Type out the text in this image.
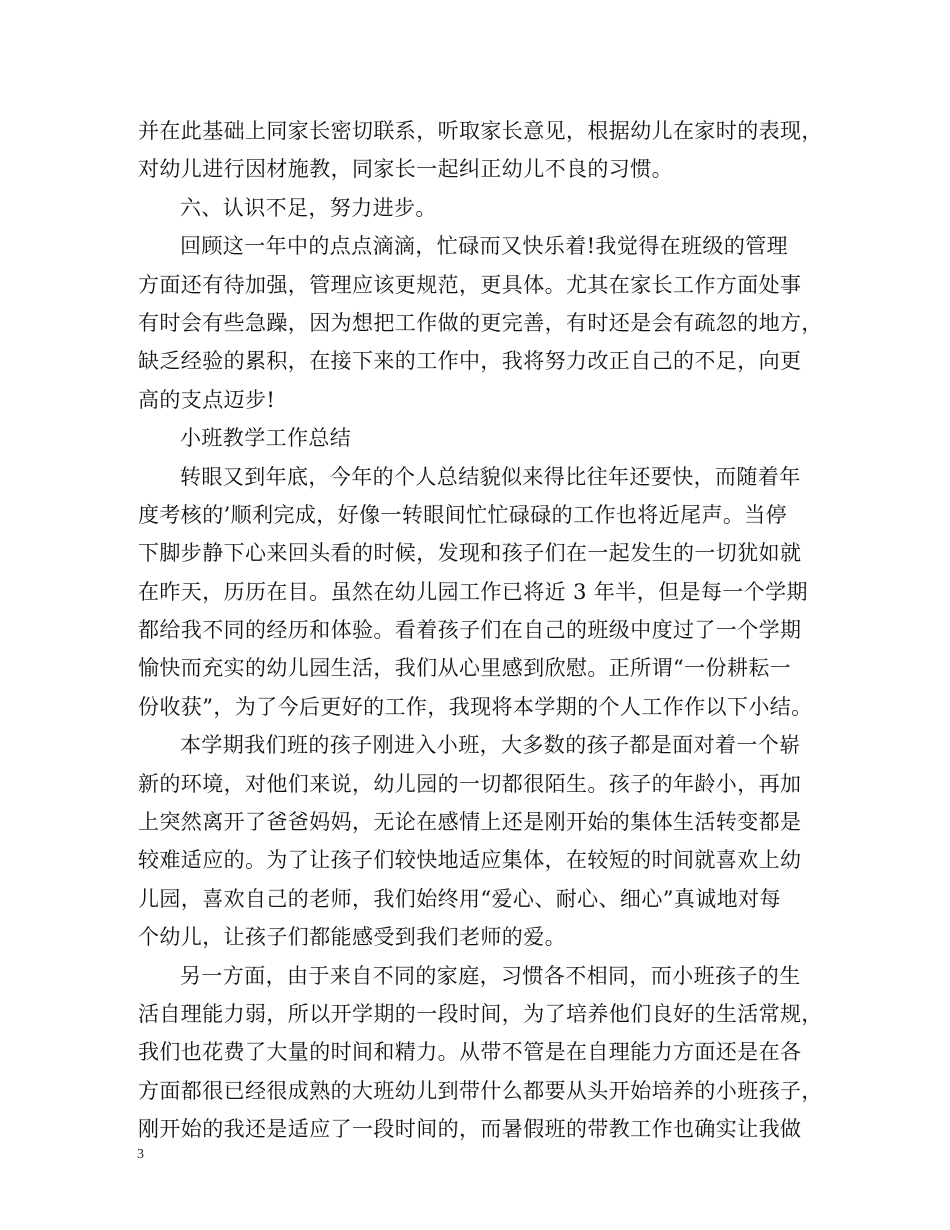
并在此基础上同家长密切联系，听取家长意见，根据幼儿在家时的表现，
对幼儿进行因材施教，同家长一起纠正幼儿不良的习惯。
六、认识不足，努力进步。
回顾这一年中的点点滴滴，忙碌而又快乐着!我觉得在班级的管理
方面还有待加强，管理应该更规范，更具体。尤其在家长工作方面处事
有时会有些急躁，因为想把工作做的更完善，有时还是会有疏忽的地方，
缺乏经验的累积，在接下来的工作中，我将努力改正自己的不足，向更
高的支点迈步!
小班教学工作总结
转眼又到年底，今年的个人总结貌似来得比往年还要快，而随着年
度考核的’顺利完成，好像一转眼间忙忙碌碌的工作也将近尾声。当停
下脚步静下心来回头看的时候，发现和孩子们在一起发生的一切犹如就
在昨天，历历在目。虽然在幼儿园工作已将近 3 年半，但是每一个学期
都给我不同的经历和体验。看着孩子们在自己的班级中度过了一个学期
愉快而充实的幼儿园生活，我们从心里感到欣慰。正所谓“一份耕耘一
份收获”，为了今后更好的工作，我现将本学期的个人工作作以下小结。
本学期我们班的孩子刚进入小班，大多数的孩子都是面对着一个崭
新的环境，对他们来说，幼儿园的一切都很陌生。孩子的年龄小，再加
上突然离开了爸爸妈妈，无论在感情上还是刚开始的集体生活转变都是
较难适应的。为了让孩子们较快地适应集体，在较短的时间就喜欢上幼
儿园，喜欢自己的老师，我们始终用“爱心、耐心、细心”真诚地对每
个幼儿，让孩子们都能感受到我们老师的爱。
另一方面，由于来自不同的家庭，习惯各不相同，而小班孩子的生
活自理能力弱，所以开学期的一段时间，为了培养他们良好的生活常规，
我们也花费了大量的时间和精力。从带不管是在自理能力方面还是在各
方面都很已经很成熟的大班幼儿到带什么都要从头开始培养的小班孩子，
刚开始的我还是适应了一段时间的，而暑假班的带教工作也确实让我做
3
